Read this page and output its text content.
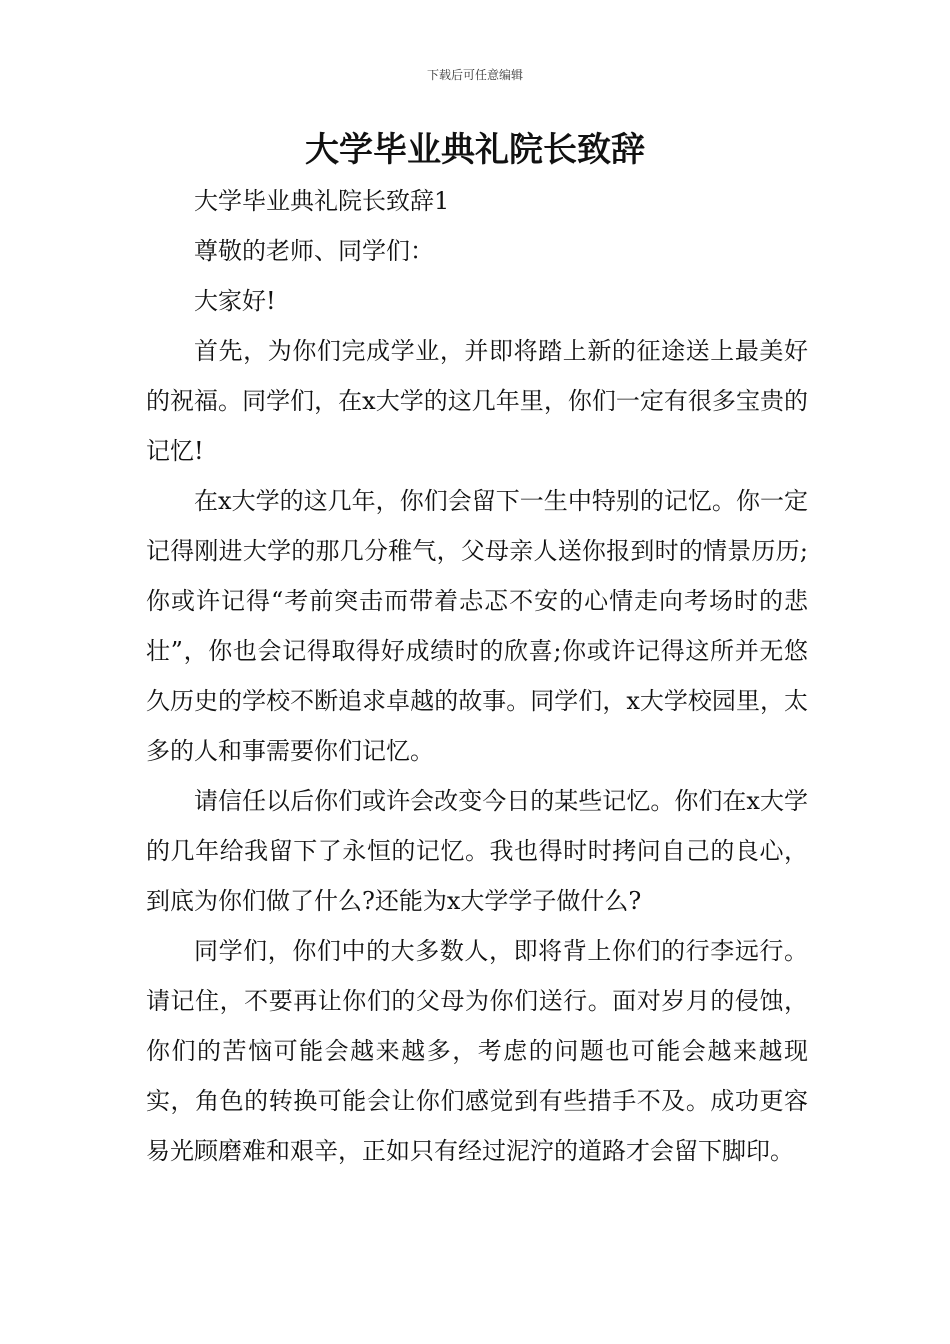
下载后可任意编辑
大学毕业典礼院长致辞

大学毕业典礼院长致辞1

尊敬的老师、同学们：

大家好!

首先，为你们完成学业，并即将踏上新的征途送上最美好的祝福。同学们，在x大学的这几年里，你们一定有很多宝贵的记忆!

在x大学的这几年，你们会留下一生中特别的记忆。你一定记得刚进大学的那几分稚气，父母亲人送你报到时的情景历历;你或许记得“考前突击而带着忐忑不安的心情走向考场时的悲壮”，你也会记得取得好成绩时的欣喜;你或许记得这所并无悠久历史的学校不断追求卓越的故事。同学们，x大学校园里，太多的人和事需要你们记忆。

请信任以后你们或许会改变今日的某些记忆。你们在x大学的几年给我留下了永恒的记忆。我也得时时拷问自己的良心，到底为你们做了什么?还能为x大学学子做什么?

同学们，你们中的大多数人，即将背上你们的行李远行。请记住，不要再让你们的父母为你们送行。面对岁月的侵蚀，你们的苦恼可能会越来越多，考虑的问题也可能会越来越现实，角色的转换可能会让你们感觉到有些措手不及。成功更容易光顾磨难和艰辛，正如只有经过泥泞的道路才会留下脚印。
